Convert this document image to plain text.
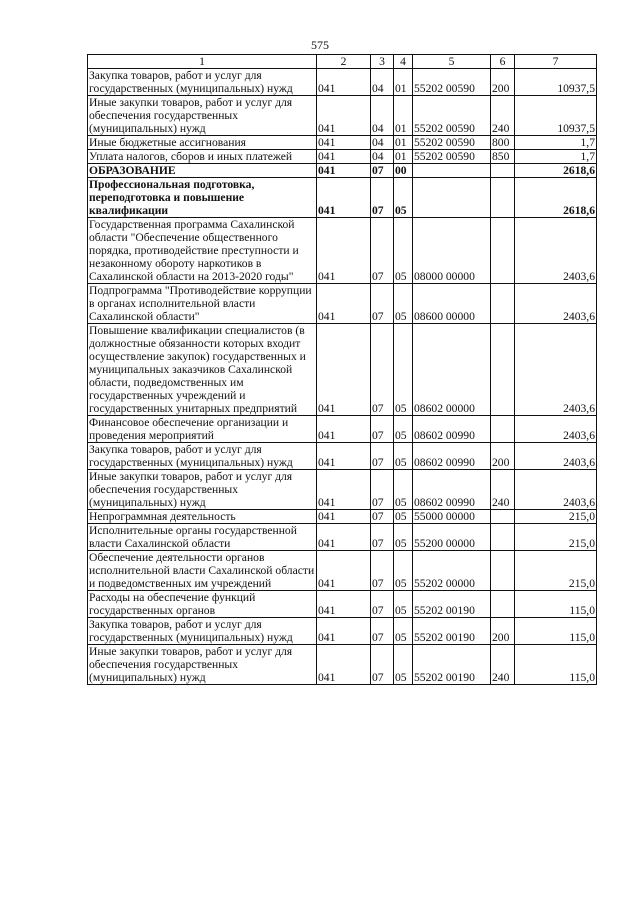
575
1	2	3	4	5	6	7
Закупка товаров, работ и услуг для государственных (муниципальных) нужд	041	04	01	55202 00590	200	10937,5
Иные закупки товаров, работ и услуг для обеспечения государственных (муниципальных) нужд	041	04	01	55202 00590	240	10937,5
Иные бюджетные ассигнования	041	04	01	55202 00590	800	1,7
Уплата налогов, сборов и иных платежей	041	04	01	55202 00590	850	1,7
ОБРАЗОВАНИЕ	041	07	00			2618,6
Профессиональная подготовка, переподготовка и повышение квалификации	041	07	05			2618,6
Государственная программа Сахалинской области "Обеспечение общественного порядка, противодействие преступности и незаконному обороту наркотиков в Сахалинской области на 2013-2020 годы"	041	07	05	08000 00000		2403,6
Подпрограмма "Противодействие коррупции в органах исполнительной власти Сахалинской области"	041	07	05	08600 00000		2403,6
Повышение квалификации специалистов (в должностные обязанности которых входит осуществление закупок) государственных и муниципальных заказчиков Сахалинской области, подведомственных им государственных учреждений и государственных унитарных предприятий	041	07	05	08602 00000		2403,6
Финансовое обеспечение организации и проведения мероприятий	041	07	05	08602 00990		2403,6
Закупка товаров, работ и услуг для государственных (муниципальных) нужд	041	07	05	08602 00990	200	2403,6
Иные закупки товаров, работ и услуг для обеспечения государственных (муниципальных) нужд	041	07	05	08602 00990	240	2403,6
Непрограммная деятельность	041	07	05	55000 00000		215,0
Исполнительные органы государственной власти Сахалинской области	041	07	05	55200 00000		215,0
Обеспечение деятельности органов исполнительной власти Сахалинской области и подведомственных им учреждений	041	07	05	55202 00000		215,0
Расходы на обеспечение функций государственных органов	041	07	05	55202 00190		115,0
Закупка товаров, работ и услуг для государственных (муниципальных) нужд	041	07	05	55202 00190	200	115,0
Иные закупки товаров, работ и услуг для обеспечения государственных (муниципальных) нужд	041	07	05	55202 00190	240	115,0
